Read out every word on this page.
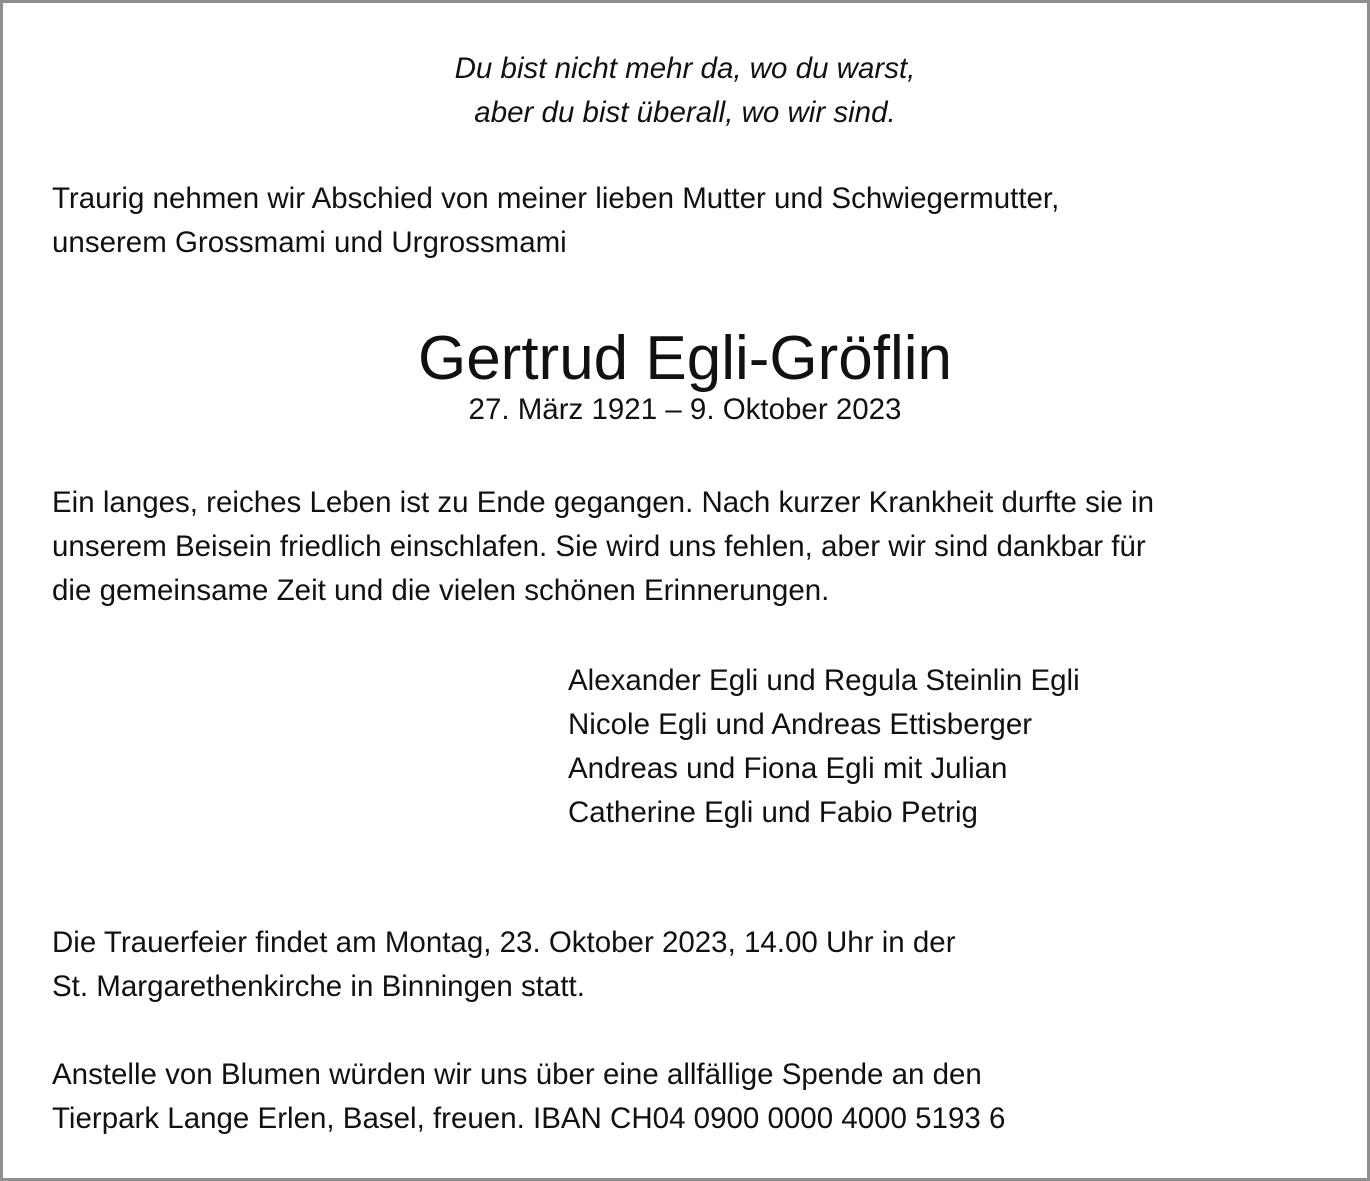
Du bist nicht mehr da, wo du warst,
aber du bist überall, wo wir sind.

Traurig nehmen wir Abschied von meiner lieben Mutter und Schwiegermutter,
unserem Grossmami und Urgrossmami

Gertrud Egli-Gröflin
27. März 1921 – 9. Oktober 2023

Ein langes, reiches Leben ist zu Ende gegangen. Nach kurzer Krankheit durfte sie in
unserem Beisein friedlich einschlafen. Sie wird uns fehlen, aber wir sind dankbar für
die gemeinsame Zeit und die vielen schönen Erinnerungen.

Alexander Egli und Regula Steinlin Egli
Nicole Egli und Andreas Ettisberger
Andreas und Fiona Egli mit Julian
Catherine Egli und Fabio Petrig

Die Trauerfeier findet am Montag, 23. Oktober 2023, 14.00 Uhr in der
St. Margarethenkirche in Binningen statt.

Anstelle von Blumen würden wir uns über eine allfällige Spende an den
Tierpark Lange Erlen, Basel, freuen. IBAN CH04 0900 0000 4000 5193 6
